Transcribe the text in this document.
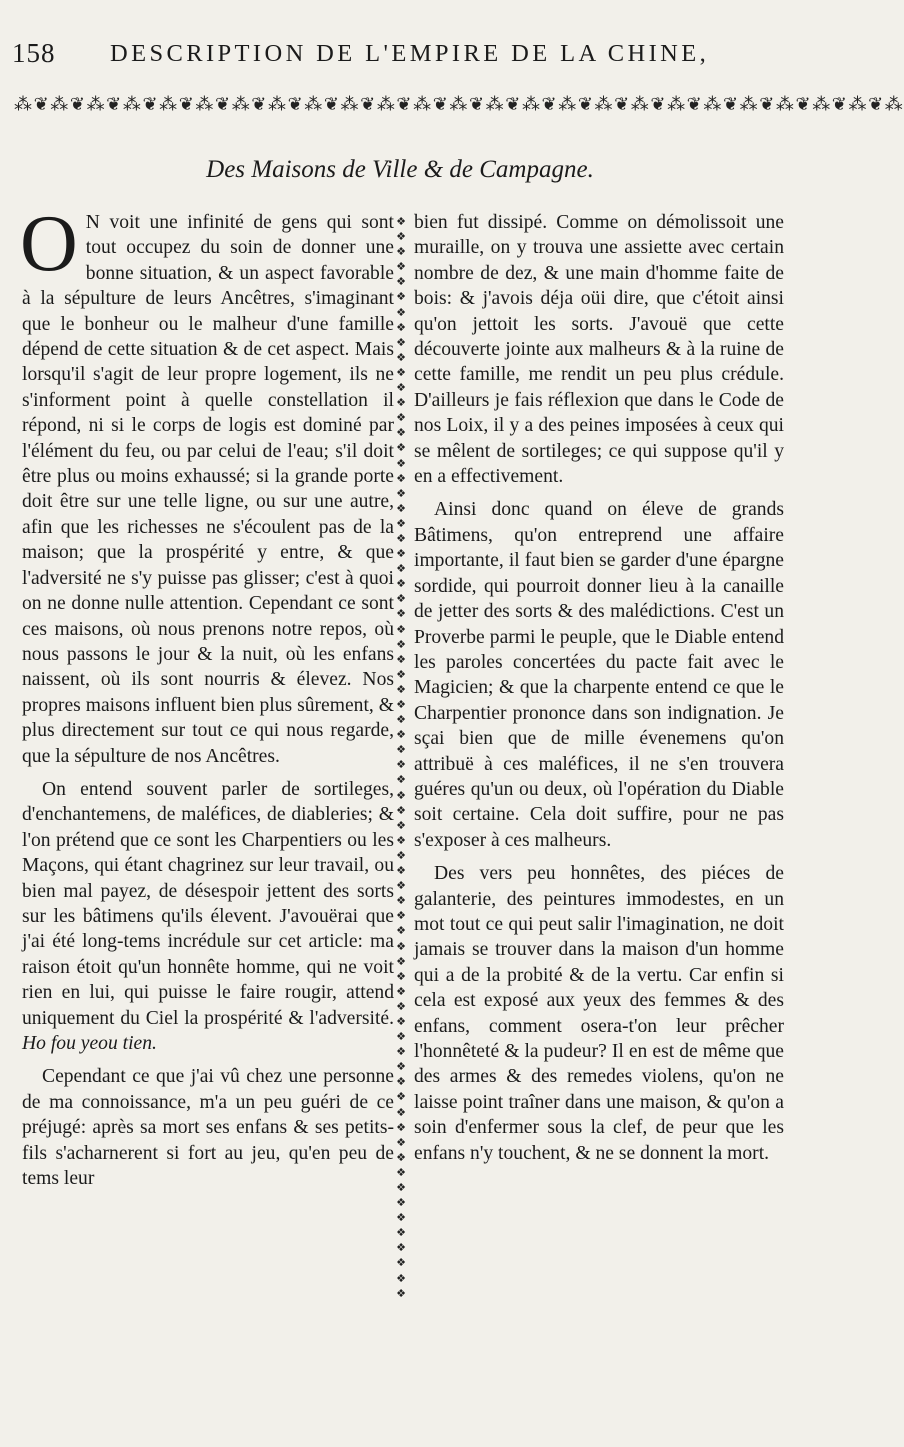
158 DESCRIPTION DE L'EMPIRE DE LA CHINE,
⁂❦⁂❦⁂❦⁂❦⁂❦⁂❦⁂❦⁂❦⁂❦⁂❦⁂❦⁂❦⁂❦⁂❦⁂❦⁂❦⁂❦⁂❦⁂❦⁂❦⁂❦⁂❦⁂❦⁂❦⁂
Des Maisons de Ville & de Campagne.

O N voit une infinité de gens qui sont tout occupez du soin de donner une bonne situation, & un aspect favorable à la sépulture de leurs Ancêtres, s'imaginant que le bonheur ou le malheur d'une famille dépend de cette situation & de cet aspect. Mais lorsqu'il s'agit de leur propre logement, ils ne s'informent point à quelle constellation il répond, ni si le corps de logis est dominé par l'élément du feu, ou par celui de l'eau; s'il doit être plus ou moins exhaussé; si la grande porte doit être sur une telle ligne, ou sur une autre, afin que les richesses ne s'écoulent pas de la maison; que la prospérité y entre, & que l'adversité ne s'y puisse pas glisser; c'est à quoi on ne donne nulle attention. Cependant ce sont ces maisons, où nous prenons notre repos, où nous passons le jour & la nuit, où les enfans naissent, où ils sont nourris & élevez. Nos propres maisons influent bien plus sûrement, & plus directement sur tout ce qui nous regarde, que la sépulture de nos Ancêtres.

On entend souvent parler de sortileges, d'enchantemens, de maléfices, de diableries; & l'on prétend que ce sont les Charpentiers ou les Maçons, qui étant chagrinez sur leur travail, ou bien mal payez, de désespoir jettent des sorts sur les bâtimens qu'ils élevent. J'avouërai que j'ai été long-tems incrédule sur cet article: ma raison étoit qu'un honnête homme, qui ne voit rien en lui, qui puisse le faire rougir, attend uniquement du Ciel la prospérité & l'adversité. Ho fou yeou tien.

Cependant ce que j'ai vû chez une personne de ma connoissance, m'a un peu guéri de ce préjugé: après sa mort ses enfans & ses petits-fils s'acharnerent si fort au jeu, qu'en peu de tems leur

❖❖❖❖❖❖❖❖❖❖❖❖❖❖❖❖❖❖❖❖❖❖❖❖❖❖❖❖❖❖❖❖❖❖❖❖❖❖❖❖❖❖❖❖❖❖❖❖❖❖❖❖❖❖❖❖❖❖❖❖❖❖❖❖❖❖❖❖❖❖❖❖

bien fut dissipé. Comme on démolissoit une muraille, on y trouva une assiette avec certain nombre de dez, & une main d'homme faite de bois: & j'avois déja oüi dire, que c'étoit ainsi qu'on jettoit les sorts. J'avouë que cette découverte jointe aux malheurs & à la ruine de cette famille, me rendit un peu plus crédule. D'ailleurs je fais réflexion que dans le Code de nos Loix, il y a des peines imposées à ceux qui se mêlent de sortileges; ce qui suppose qu'il y en a effectivement.

Ainsi donc quand on éleve de grands Bâtimens, qu'on entreprend une affaire importante, il faut bien se garder d'une épargne sordide, qui pourroit donner lieu à la canaille de jetter des sorts & des malédictions. C'est un Proverbe parmi le peuple, que le Diable entend les paroles concertées du pacte fait avec le Magicien; & que la charpente entend ce que le Charpentier prononce dans son indignation. Je sçai bien que de mille évenemens qu'on attribuë à ces maléfices, il ne s'en trouvera guéres qu'un ou deux, où l'opération du Diable soit certaine. Cela doit suffire, pour ne pas s'exposer à ces malheurs.

Des vers peu honnêtes, des piéces de galanterie, des peintures immodestes, en un mot tout ce qui peut salir l'imagination, ne doit jamais se trouver dans la maison d'un homme qui a de la probité & de la vertu. Car enfin si cela est exposé aux yeux des femmes & des enfans, comment osera-t'on leur prêcher l'honnêteté & la pudeur? Il en est de même que des armes & des remedes violens, qu'on ne laisse point traîner dans une maison, & qu'on a soin d'enfermer sous la clef, de peur que les enfans n'y touchent, & ne se donnent la mort.
